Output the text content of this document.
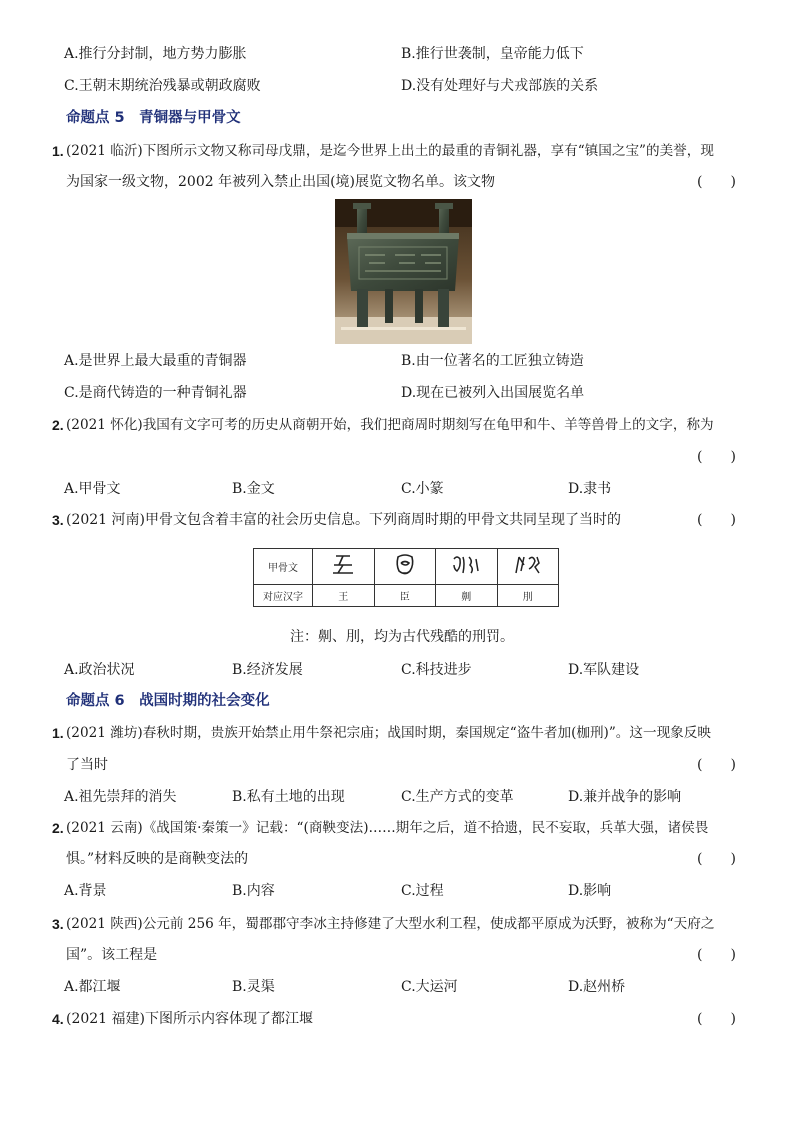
A.推行分封制，地方势力膨胀	B.推行世袭制，皇帝能力低下
C.王朝末期统治残暴或朝政腐败	D.没有处理好与犬戎部族的关系
命题点 5　青铜器与甲骨文
1. (2021 临沂)下图所示文物又称司母戊鼎，是迄今世界上出土的最重的青铜礼器，享有“镇国之宝”的美誉，现
为国家一级文物，2002 年被列入禁止出国(境)展览文物名单。该文物	(　　)
A.是世界上最大最重的青铜器	B.由一位著名的工匠独立铸造
C.是商代铸造的一种青铜礼器	D.现在已被列入出国展览名单
2. (2021 怀化)我国有文字可考的历史从商朝开始，我们把商周时期刻写在龟甲和牛、羊等兽骨上的文字，称为
(　　)
A.甲骨文	B.金文	C.小篆	D.隶书
3. (2021 河南)甲骨文包含着丰富的社会历史信息。下列商周时期的甲骨文共同呈现了当时的	(　　)
甲骨文				
对应汉字	王	臣	劓	刖
注：劓、刖，均为古代残酷的刑罚。
A.政治状况	B.经济发展	C.科技进步	D.军队建设
命题点 6　战国时期的社会变化
1. (2021 潍坊)春秋时期，贵族开始禁止用牛祭祀宗庙；战国时期，秦国规定“盗牛者加(枷刑)”。这一现象反映
了当时	(　　)
A.祖先崇拜的消失	B.私有土地的出现	C.生产方式的变革	D.兼并战争的影响
2. (2021 云南)《战国策·秦策一》记载：“(商鞅变法)……期年之后，道不拾遗，民不妄取，兵革大强，诸侯畏
惧。”材料反映的是商鞅变法的	(　　)
A.背景	B.内容	C.过程	D.影响
3. (2021 陕西)公元前 256 年，蜀郡郡守李冰主持修建了大型水利工程，使成都平原成为沃野，被称为“天府之
国”。该工程是	(　　)
A.都江堰	B.灵渠	C.大运河	D.赵州桥
4. (2021 福建)下图所示内容体现了都江堰	(　　)
